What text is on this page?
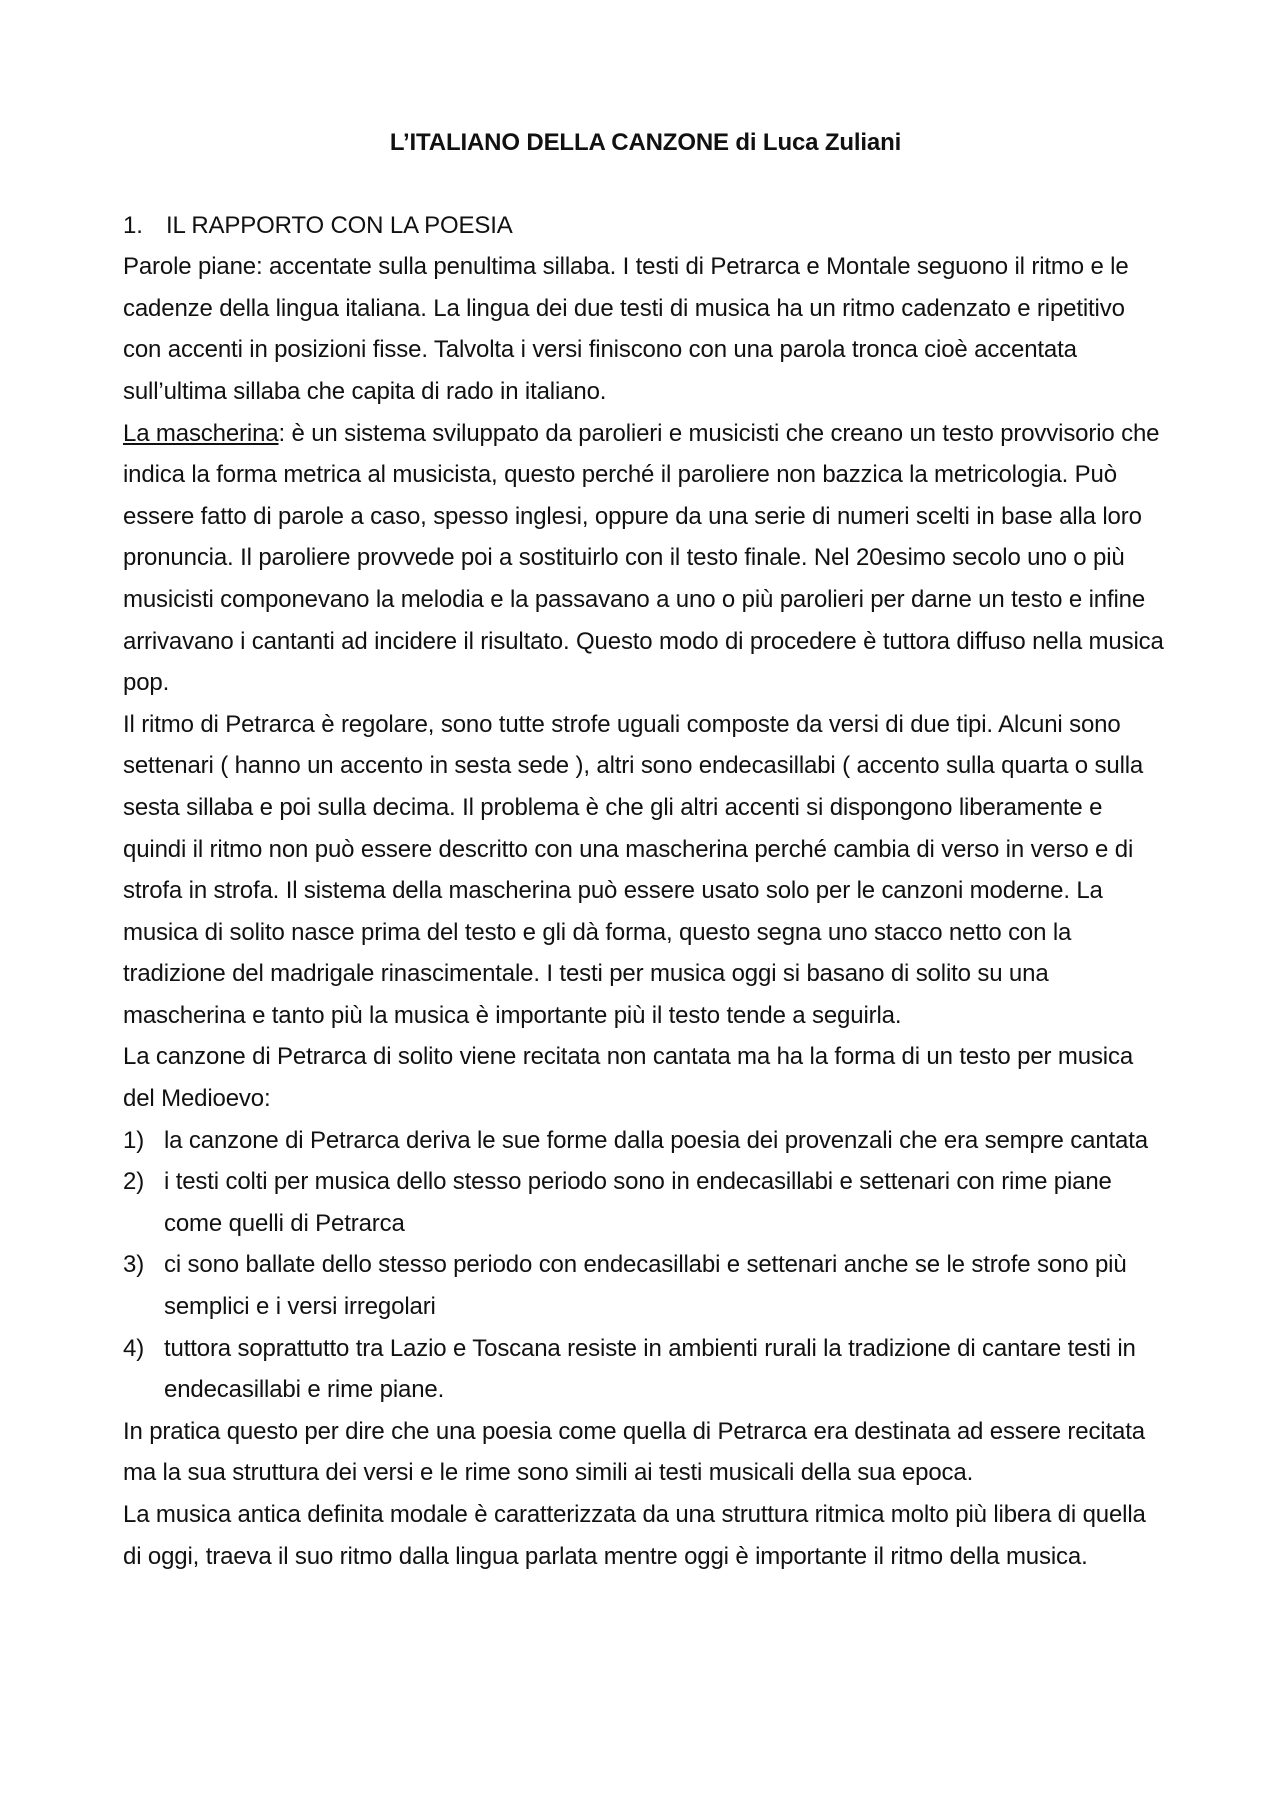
L’ITALIANO DELLA CANZONE di Luca Zuliani
1. IL RAPPORTO CON LA POESIA

Parole piane: accentate sulla penultima sillaba. I testi di Petrarca e Montale seguono il ritmo e le cadenze della lingua italiana. La lingua dei due testi di musica ha un ritmo cadenzato e ripetitivo con accenti in posizioni fisse. Talvolta i versi finiscono con una parola tronca cioè accentata sull’ultima sillaba che capita di rado in italiano.

La mascherina: è un sistema sviluppato da parolieri e musicisti che creano un testo provvisorio che indica la forma metrica al musicista, questo perché il paroliere non bazzica la metricologia. Può essere fatto di parole a caso, spesso inglesi, oppure da una serie di numeri scelti in base alla loro pronuncia. Il paroliere provvede poi a sostituirlo con il testo finale. Nel 20esimo secolo uno o più musicisti componevano la melodia e la passavano a uno o più parolieri per darne un testo e infine arrivavano i cantanti ad incidere il risultato. Questo modo di procedere è tuttora diffuso nella musica pop.

Il ritmo di Petrarca è regolare, sono tutte strofe uguali composte da versi di due tipi. Alcuni sono settenari ( hanno un accento in sesta sede ), altri sono endecasillabi ( accento sulla quarta o sulla sesta sillaba e poi sulla decima. Il problema è che gli altri accenti si dispongono liberamente e quindi il ritmo non può essere descritto con una mascherina perché cambia di verso in verso e di strofa in strofa. Il sistema della mascherina può essere usato solo per le canzoni moderne. La musica di solito nasce prima del testo e gli dà forma, questo segna uno stacco netto con la tradizione del madrigale rinascimentale. I testi per musica oggi si basano di solito su una mascherina e tanto più la musica è importante più il testo tende a seguirla.

La canzone di Petrarca di solito viene recitata non cantata ma ha la forma di un testo per musica del Medioevo:

1) la canzone di Petrarca deriva le sue forme dalla poesia dei provenzali che era sempre cantata
2) i testi colti per musica dello stesso periodo sono in endecasillabi e settenari con rime piane come quelli di Petrarca
3) ci sono ballate dello stesso periodo con endecasillabi e settenari anche se le strofe sono più semplici e i versi irregolari
4) tuttora soprattutto tra Lazio e Toscana resiste in ambienti rurali la tradizione di cantare testi in endecasillabi e rime piane.

In pratica questo per dire che una poesia come quella di Petrarca era destinata ad essere recitata ma la sua struttura dei versi e le rime sono simili ai testi musicali della sua epoca.

La musica antica definita modale è caratterizzata da una struttura ritmica molto più libera di quella di oggi, traeva il suo ritmo dalla lingua parlata mentre oggi è importante il ritmo della musica.
